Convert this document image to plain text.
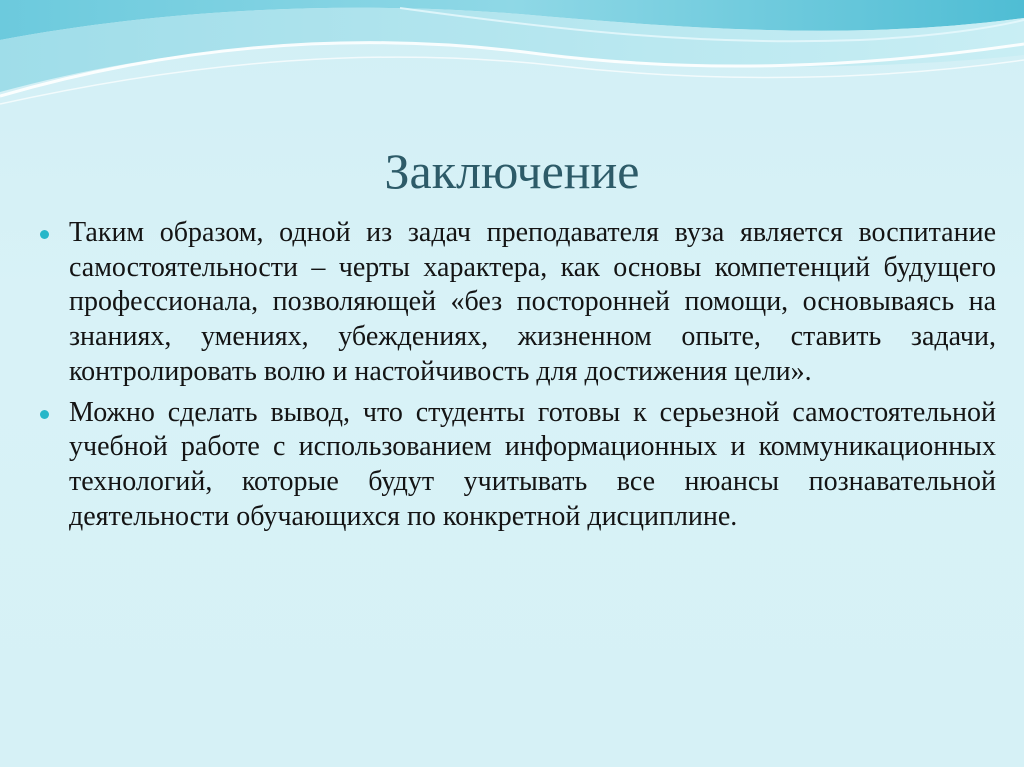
Заключение
Таким образом, одной из задач преподавателя вуза является воспитание самостоятельности – черты характера, как основы компетенций будущего профессионала, позволяющей «без посторонней помощи, основываясь на знаниях, умениях, убеждениях, жизненном опыте, ставить задачи, контролировать волю и настойчивость для достижения цели».
Можно сделать вывод, что студенты готовы к серьезной самостоятельной учебной работе с использованием информационных и коммуникационных технологий, которые будут учитывать все нюансы познавательной деятельности обучающихся по конкретной дисциплине.
